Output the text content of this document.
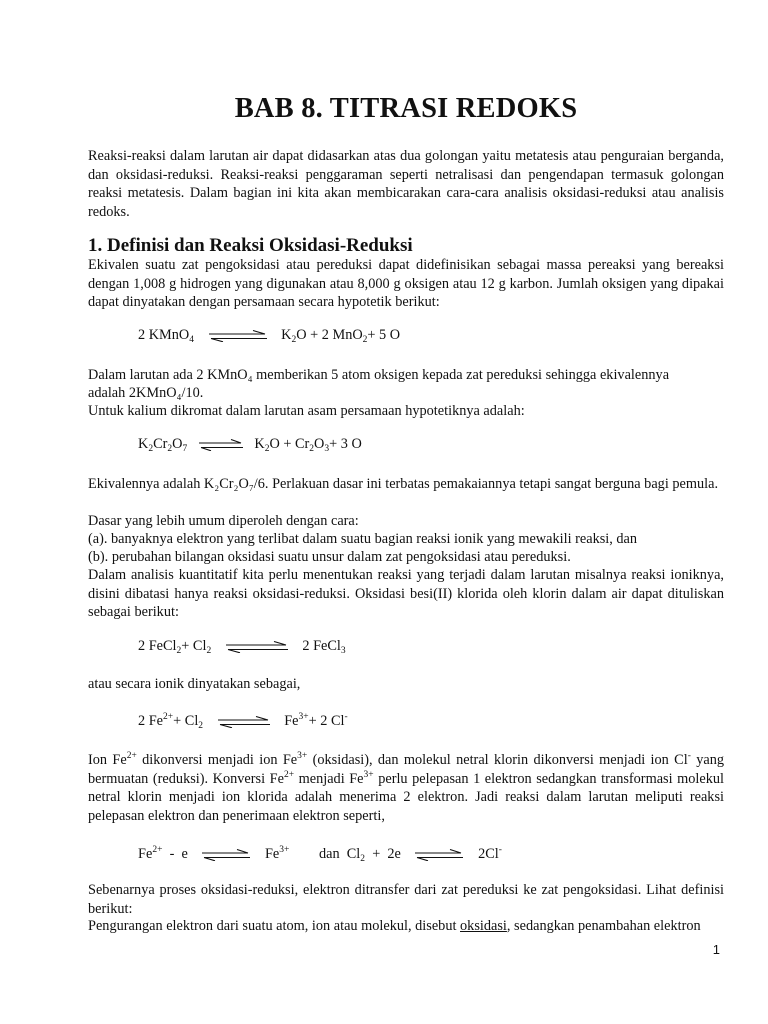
BAB 8. TITRASI REDOKS

Reaksi-reaksi dalam larutan air dapat didasarkan atas dua golongan yaitu metatesis atau penguraian berganda, dan oksidasi-reduksi. Reaksi-reaksi penggaraman seperti netralisasi dan pengendapan termasuk golongan reaksi metatesis. Dalam bagian ini kita akan membicarakan cara-cara analisis oksidasi-reduksi atau analisis redoks.

1. Definisi dan Reaksi Oksidasi-Reduksi

Ekivalen suatu zat pengoksidasi atau pereduksi dapat didefinisikan sebagai massa pereaksi yang bereaksi dengan 1,008 g hidrogen yang digunakan atau 8,000 g oksigen atau 12 g karbon. Jumlah oksigen yang dipakai dapat dinyatakan dengan persamaan secara hypotetik berikut:

2 KMnO$_4$	$K_2O + 2$ MnO$_2$+ 5 O

Dalam larutan ada 2 KMnO₄ memberikan 5 atom oksigen kepada zat pereduksi sehingga ekivalennya

adalah 2KMnO₄/10.

Untuk kalium dikromat dalam larutan asam persamaan hypotetiknya adalah:

$K_2Cr_2O_7$ ⇌ $K_2O + Cr_2O_3+ 3$ O

Ekivalennya adalah K₂Cr₂O₇/6. Perlakuan dasar ini terbatas pemakaiannya tetapi sangat berguna bagi pemula.

Dasar yang lebih umum diperoleh dengan cara:

(a). banyaknya elektron yang terlibat dalam suatu bagian reaksi ionik yang mewakili reaksi, dan

(b). perubahan bilangan oksidasi suatu unsur dalam zat pengoksidasi atau pereduksi.

Dalam analisis kuantitatif kita perlu menentukan reaksi yang terjadi dalam larutan misalnya reaksi ioniknya, disini dibatasi hanya reaksi oksidasi-reduksi. Oksidasi besi(II) klorida oleh klorin dalam air dapat dituliskan sebagai berikut:

2 FeCl$_2$+ $Cl_2$	2 FeCl$_3$

atau secara ionik dinyatakan sebagai,

2 $Fe^{2+}+ Cl_2$ ⇌ $Fe^{3+}+ 2$ Cl-

Ion $Fe^{2+}$ dikonversi menjadi ion $Fe^{3+}$ (oksidasi), dan molekul netral klorin dikonversi menjadi ion Cl- yang bermuatan (reduksi). Konversi $Fe^{2+}$ menjadi $Fe^{3+}$ perlu pelepasan 1 elektron sedangkan transformasi molekul netral klorin menjadi ion klorida adalah menerima 2 elektron. Jadi reaksi dalam larutan meliputi reaksi pelepasan elektron dan penerimaan elektron seperti,

$Fe^{2+}$  -  e ⇌ $Fe^{3+}$ dan  $Cl_2 + 2e$ ⇌ 2Cl-

Sebenarnya proses oksidasi-reduksi, elektron ditransfer dari zat pereduksi ke zat pengoksidasi. Lihat definisi berikut:

Pengurangan elektron dari suatu atom, ion atau molekul, disebut oksidasi, sedangkan penambahan elektron

1
